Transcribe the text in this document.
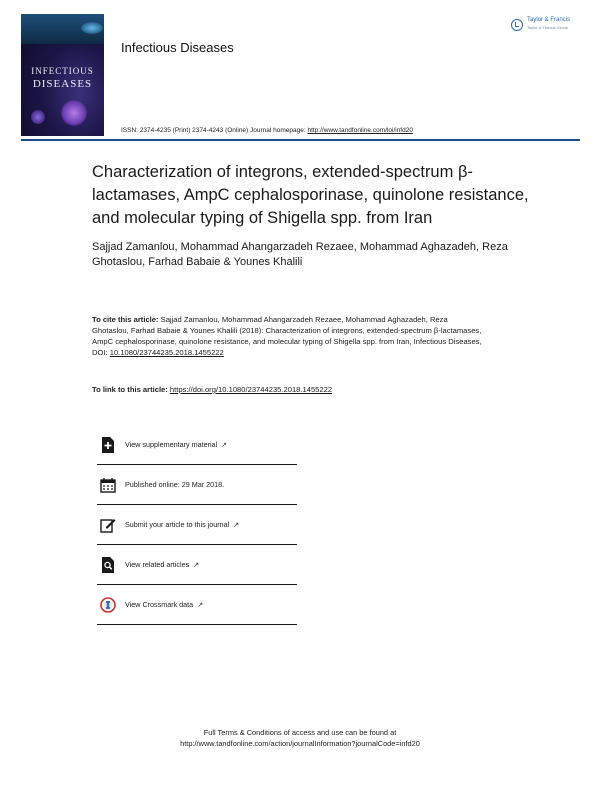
INFECTIOUS
DISEASES
Infectious Diseases
Taylor & Francis
Taylor & Francis Group
ISSN: 2374-4235 (Print) 2374-4243 (Online) Journal homepage: http://www.tandfonline.com/loi/infd20
Characterization of integrons, extended-spectrum β-lactamases, AmpC cephalosporinase, quinolone resistance, and molecular typing of Shigella spp. from Iran
Sajjad Zamanlou, Mohammad Ahangarzadeh Rezaee, Mohammad Aghazadeh, Reza Ghotaslou, Farhad Babaie & Younes Khalili
To cite this article: Sajjad Zamanlou, Mohammad Ahangarzadeh Rezaee, Mohammad Aghazadeh, Reza Ghotaslou, Farhad Babaie & Younes Khalili (2018): Characterization of integrons, extended-spectrum β-lactamases, AmpC cephalosporinase, quinolone resistance, and molecular typing of Shigella spp. from Iran, Infectious Diseases, DOI: 10.1080/23744235.2018.1455222
To link to this article: https://doi.org/10.1080/23744235.2018.1455222
View supplementary material ↗
Published online: 29 Mar 2018.
Submit your article to this journal ↗
View related articles ↗
View Crossmark data ↗
Full Terms & Conditions of access and use can be found at
http://www.tandfonline.com/action/journalInformation?journalCode=infd20
